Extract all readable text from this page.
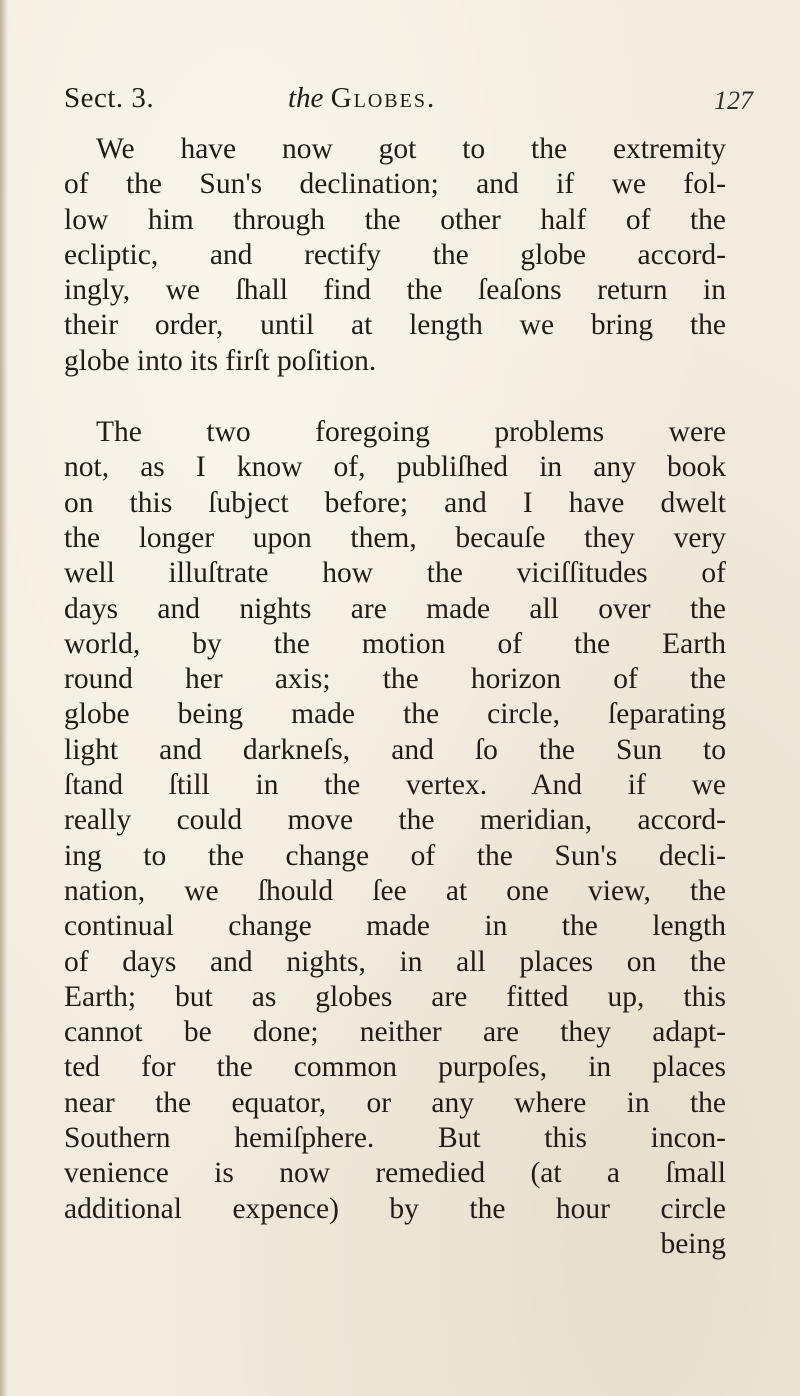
Sect. 3.	the Globes.	127

We have now got to the extremity
of the Sun's declination; and if we fol-
low him through the other half of the
ecliptic, and rectify the globe accord-
ingly, we ſhall find the ſeaſons return in
their order, until at length we bring the
globe into its firſt poſition.

The two foregoing problems were
not, as I know of, publiſhed in any book
on this ſubject before; and I have dwelt
the longer upon them, becauſe they very
well illuſtrate how the viciſſitudes of
days and nights are made all over the
world, by the motion of the Earth
round her axis; the horizon of the
globe being made the circle, ſeparating
light and darkneſs, and ſo the Sun to
ſtand ſtill in the vertex. And if we
really could move the meridian, accord-
ing to the change of the Sun's decli-
nation, we ſhould ſee at one view, the
continual change made in the length
of days and nights, in all places on the
Earth; but as globes are fitted up, this
cannot be done; neither are they adapt-
ted for the common purpoſes, in places
near the equator, or any where in the
Southern hemiſphere. But this incon-
venience is now remedied (at a ſmall
additional expence) by the hour circle
being
